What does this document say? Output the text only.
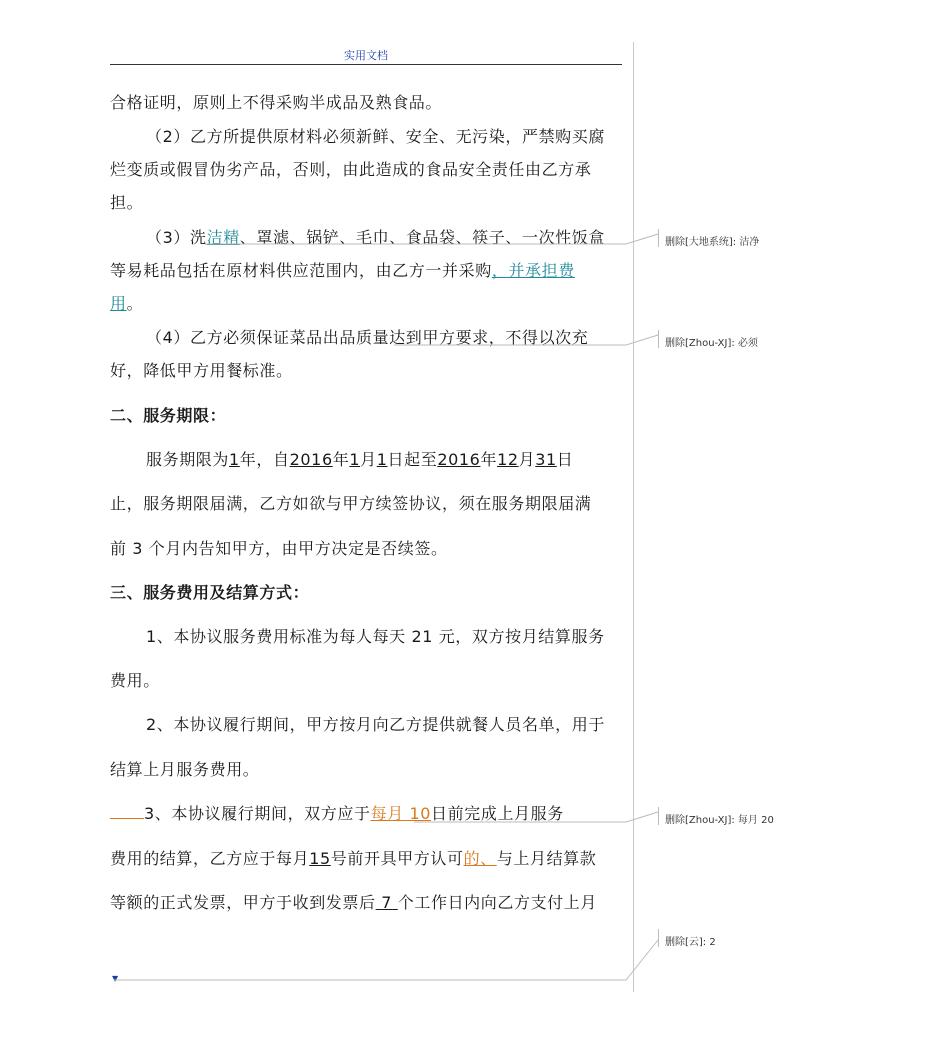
实用文档
合格证明，原则上不得采购半成品及熟食品。
（2）乙方所提供原材料必须新鲜、安全、无污染，严禁购买腐
烂变质或假冒伪劣产品，否则，由此造成的食品安全责任由乙方承
担。
（3）洗洁精、罩滤、锅铲、毛巾、食品袋、筷子、一次性饭盒
等易耗品包括在原材料供应范围内，由乙方一并采购，并承担费
用。
（4）乙方必须保证菜品出品质量达到甲方要求，不得以次充
好，降低甲方用餐标准。
二、服务期限：
服务期限为1年，自2016年1月1日起至2016年12月31日
止，服务期限届满，乙方如欲与甲方续签协议，须在服务期限届满
前 3 个月内告知甲方，由甲方决定是否续签。
三、服务费用及结算方式：
1、本协议服务费用标准为每人每天 21 元，双方按月结算服务
费用。
2、本协议履行期间，甲方按月向乙方提供就餐人员名单，用于
结算上月服务费用。
3、本协议履行期间，双方应于每月 10日前完成上月服务
费用的结算，乙方应于每月15号前开具甲方认可的、与上月结算款
等额的正式发票，甲方于收到发票后 7 个工作日内向乙方支付上月
▼
删除[大地系统]: 洁净
删除[Zhou-XJ]: 必须
删除[Zhou-XJ]: 每月 20
删除[云]: 2
